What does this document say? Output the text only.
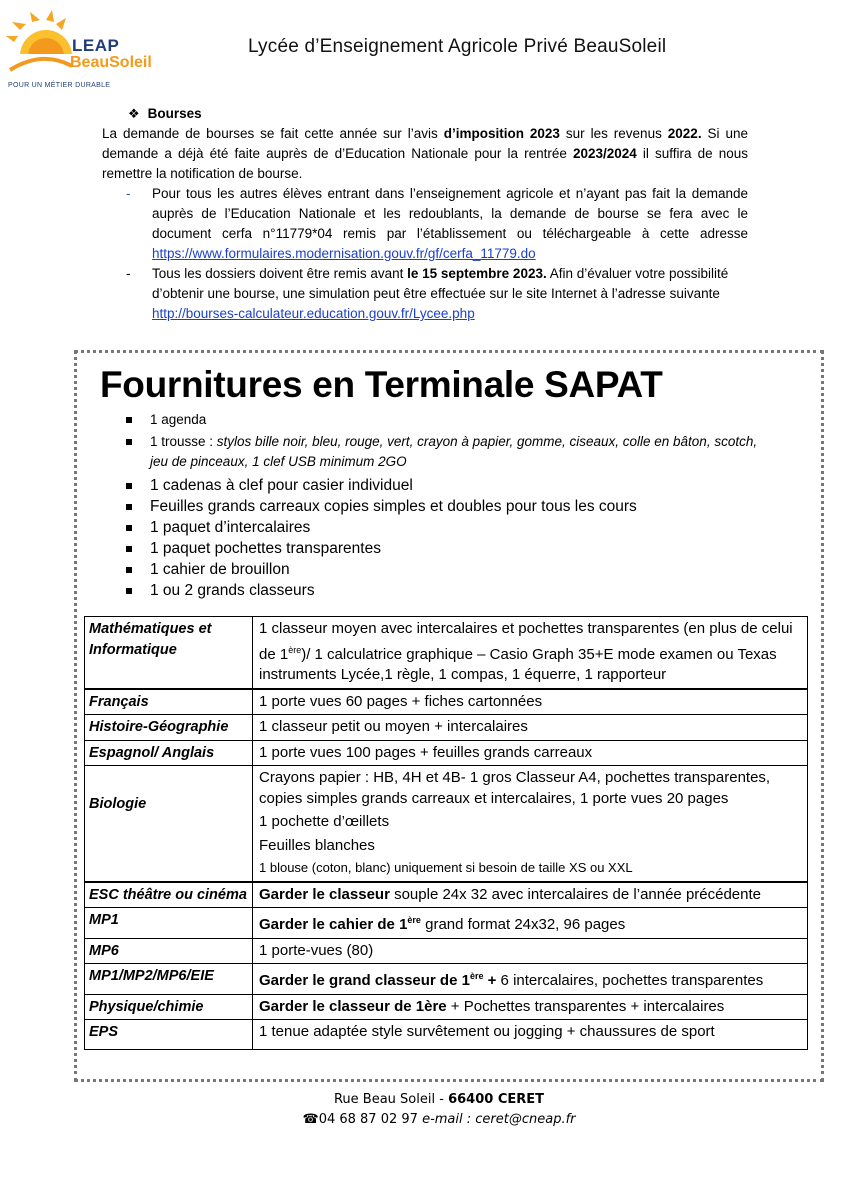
LEAP
BeauSoleil
POUR UN MÉTIER DURABLE
Lycée d’Enseignement Agricole Privé BeauSoleil
❖ Bourses

La demande de bourses se fait cette année sur l’avis d’imposition 2023 sur les revenus 2022. Si une demande a déjà été faite auprès de d’Education Nationale pour la rentrée 2023/2024 il suffira de nous remettre la notification de bourse.

- Pour tous les autres élèves entrant dans l’enseignement agricole et n’ayant pas fait la demande auprès de l’Education Nationale et les redoublants, la demande de bourse se fera avec le document cerfa n°11779*04 remis par l’établissement ou téléchargeable à cette adresse https://www.formulaires.modernisation.gouv.fr/gf/cerfa_11779.do
- Tous les dossiers doivent être remis avant le 15 septembre 2023. Afin d’évaluer votre possibilité d’obtenir une bourse, une simulation peut être effectuée sur le site Internet à l’adresse suivante http://bourses-calculateur.education.gouv.fr/Lycee.php
Fournitures en Terminale SAPAT
1 agenda
1 trousse : stylos bille noir, bleu, rouge, vert, crayon à papier, gomme, ciseaux, colle en bâton, scotch, jeu de pinceaux, 1 clef USB minimum 2GO
1 cadenas à clef pour casier individuel
Feuilles grands carreaux copies simples et doubles pour tous les cours
1 paquet d’intercalaires
1 paquet pochettes transparentes
1 cahier de brouillon
1 ou 2 grands classeurs
Mathématiques et Informatique	1 classeur moyen avec intercalaires et pochettes transparentes (en plus de celui de 1ère)/ 1 calculatrice graphique – Casio Graph 35+E mode examen ou Texas instruments Lycée,1 règle, 1 compas, 1 équerre, 1 rapporteur
Français	1 porte vues 60 pages + fiches cartonnées
Histoire-Géographie	1 classeur petit ou moyen + intercalaires
Espagnol/ Anglais	1 porte vues 100 pages + feuilles grands carreaux
Biologie	Crayons papier : HB, 4H et 4B- 1 gros Classeur A4, pochettes transparentes, copies simples grands carreaux et intercalaires, 1 porte vues 20 pages
1 pochette d’œillets
Feuilles blanches
1 blouse (coton, blanc) uniquement si besoin de taille XS ou XXL

ESC théâtre ou cinéma	Garder le classeur souple 24x 32 avec intercalaires de l’année précédente
MP1	Garder le cahier de 1ère grand format 24x32, 96 pages
MP6	1 porte-vues (80)
MP1/MP2/MP6/EIE	Garder le grand classeur de 1ère + 6 intercalaires, pochettes transparentes
Physique/chimie	Garder le classeur de 1ère + Pochettes transparentes + intercalaires
EPS	1 tenue adaptée style survêtement ou jogging + chaussures de sport
Rue Beau Soleil - 66400 CERET
☎04 68 87 02 97 e-mail : ceret@cneap.fr
